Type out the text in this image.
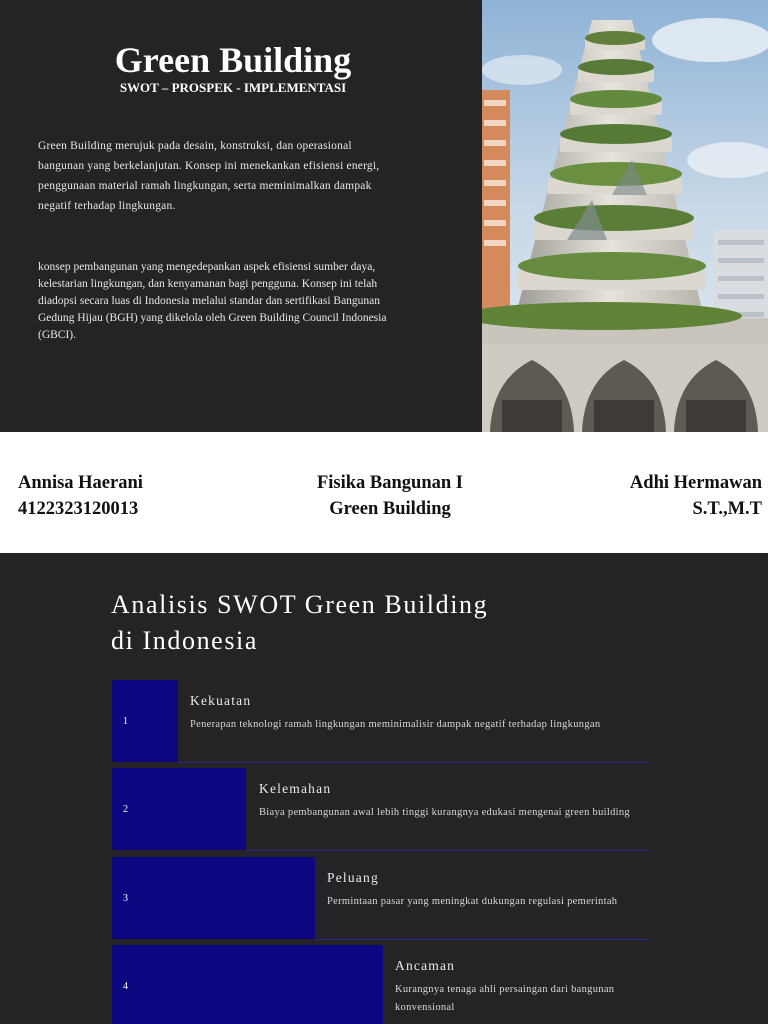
Green Building
SWOT – PROSPEK - IMPLEMENTASI

Green Building merujuk pada desain, konstruksi, dan operasional bangunan yang berkelanjutan. Konsep ini menekankan efisiensi energi, penggunaan material ramah lingkungan, serta meminimalkan dampak negatif terhadap lingkungan.

konsep pembangunan yang mengedepankan aspek efisiensi sumber daya, kelestarian lingkungan, dan kenyamanan bagi pengguna. Konsep ini telah diadopsi secara luas di Indonesia melalui standar dan sertifikasi Bangunan Gedung Hijau (BGH) yang dikelola oleh Green Building Council Indonesia (GBCI).

Annisa Haerani
4122323120013
Fisika Bangunan I
Green Building
Adhi Hermawan
S.T.,M.T
Analisis SWOT Green Building
di Indonesia
1
Kekuatan
Penerapan teknologi ramah lingkungan meminimalisir dampak negatif terhadap lingkungan
2
Kelemahan
Biaya pembangunan awal lebih tinggi kurangnya edukasi mengenai green building
3
Peluang
Permintaan pasar yang meningkat dukungan regulasi pemerintah
4
Ancaman
Kurangnya tenaga ahli persaingan dari bangunan konvensional
